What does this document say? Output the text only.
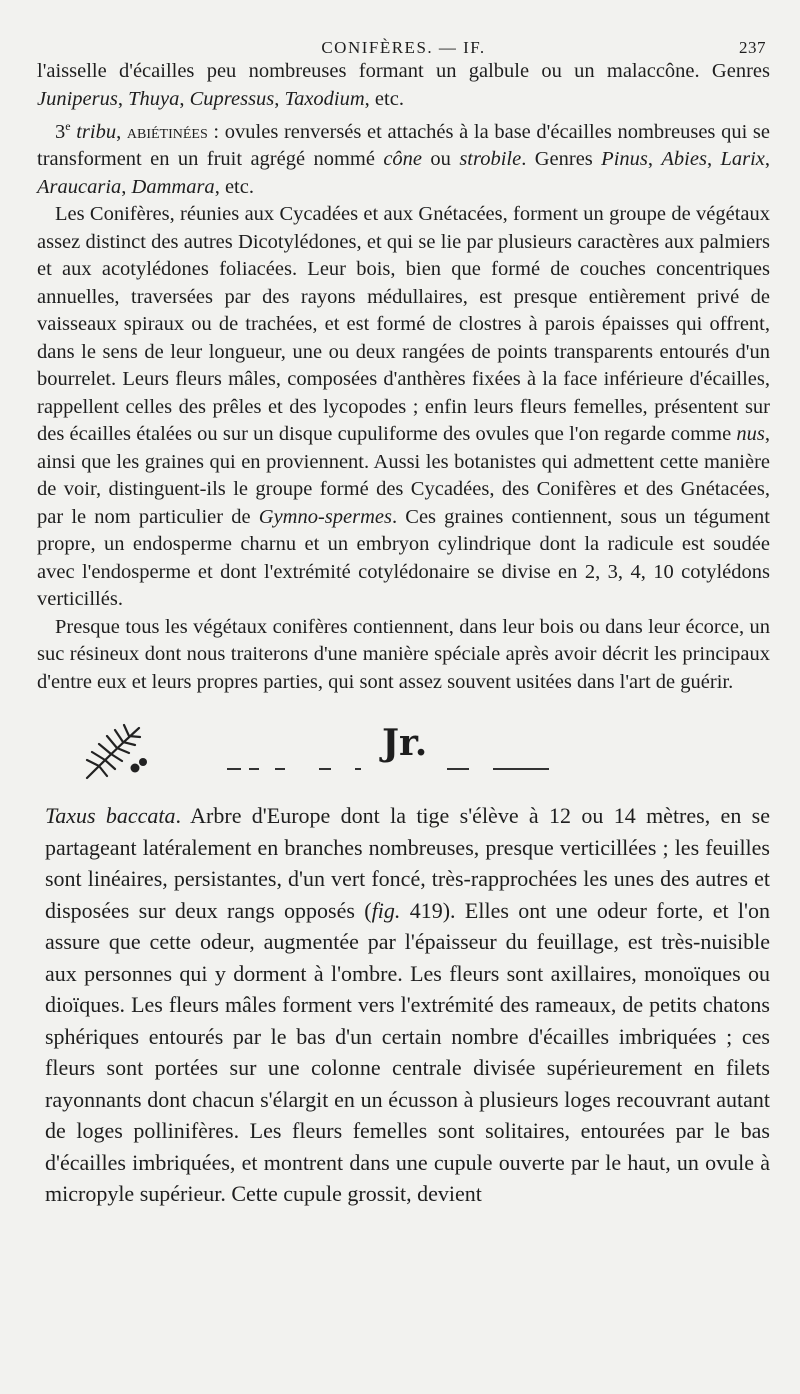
CONIFÈRES. — IF.	237

l'aisselle d'écailles peu nombreuses formant un galbule ou un malaccône. Genres Juniperus, Thuya, Cupressus, Taxodium, etc.

3e tribu, abiétinées : ovules renversés et attachés à la base d'écailles nombreuses qui se transforment en un fruit agrégé nommé cône ou strobile. Genres Pinus, Abies, Larix, Araucaria, Dammara, etc.

Les Conifères, réunies aux Cycadées et aux Gnétacées, forment un groupe de végétaux assez distinct des autres Dicotylédones, et qui se lie par plusieurs caractères aux palmiers et aux acotylédones foliacées. Leur bois, bien que formé de couches concentriques annuelles, traversées par des rayons médullaires, est presque entièrement privé de vaisseaux spiraux ou de trachées, et est formé de clostres à parois épaisses qui offrent, dans le sens de leur longueur, une ou deux rangées de points transparents entourés d'un bourrelet. Leurs fleurs mâles, composées d'anthères fixées à la face inférieure d'écailles, rappellent celles des prêles et des lycopodes ; enfin leurs fleurs femelles, présentent sur des écailles étalées ou sur un disque cupuliforme des ovules que l'on regarde comme nus, ainsi que les graines qui en proviennent. Aussi les botanistes qui admettent cette manière de voir, distinguent-ils le groupe formé des Cycadées, des Conifères et des Gnétacées, par le nom particulier de Gymno-spermes. Ces graines contiennent, sous un tégument propre, un endosperme charnu et un embryon cylindrique dont la radicule est soudée avec l'endosperme et dont l'extrémité cotylédonaire se divise en 2, 3, 4, 10 cotylédons verticillés.

Presque tous les végétaux conifères contiennent, dans leur bois ou dans leur écorce, un suc résineux dont nous traiterons d'une manière spéciale après avoir décrit les principaux d'entre eux et leurs propres parties, qui sont assez souvent usitées dans l'art de guérir.

Jr.

Taxus baccata. Arbre d'Europe dont la tige s'élève à 12 ou 14 mètres, en se partageant latéralement en branches nombreuses, presque verticillées ; les feuilles sont linéaires, persistantes, d'un vert foncé, très-rapprochées les unes des autres et disposées sur deux rangs opposés (fig. 419). Elles ont une odeur forte, et l'on assure que cette odeur, augmentée par l'épaisseur du feuillage, est très-nuisible aux personnes qui y dorment à l'ombre. Les fleurs sont axillaires, monoïques ou dioïques. Les fleurs mâles forment vers l'extrémité des rameaux, de petits chatons sphériques entourés par le bas d'un certain nombre d'écailles imbriquées ; ces fleurs sont portées sur une colonne centrale divisée supérieurement en filets rayonnants dont chacun s'élargit en un écusson à plusieurs loges recouvrant autant de loges pollinifères. Les fleurs femelles sont solitaires, entourées par le bas d'écailles imbriquées, et montrent dans une cupule ouverte par le haut, un ovule à micropyle supérieur. Cette cupule grossit, devient
